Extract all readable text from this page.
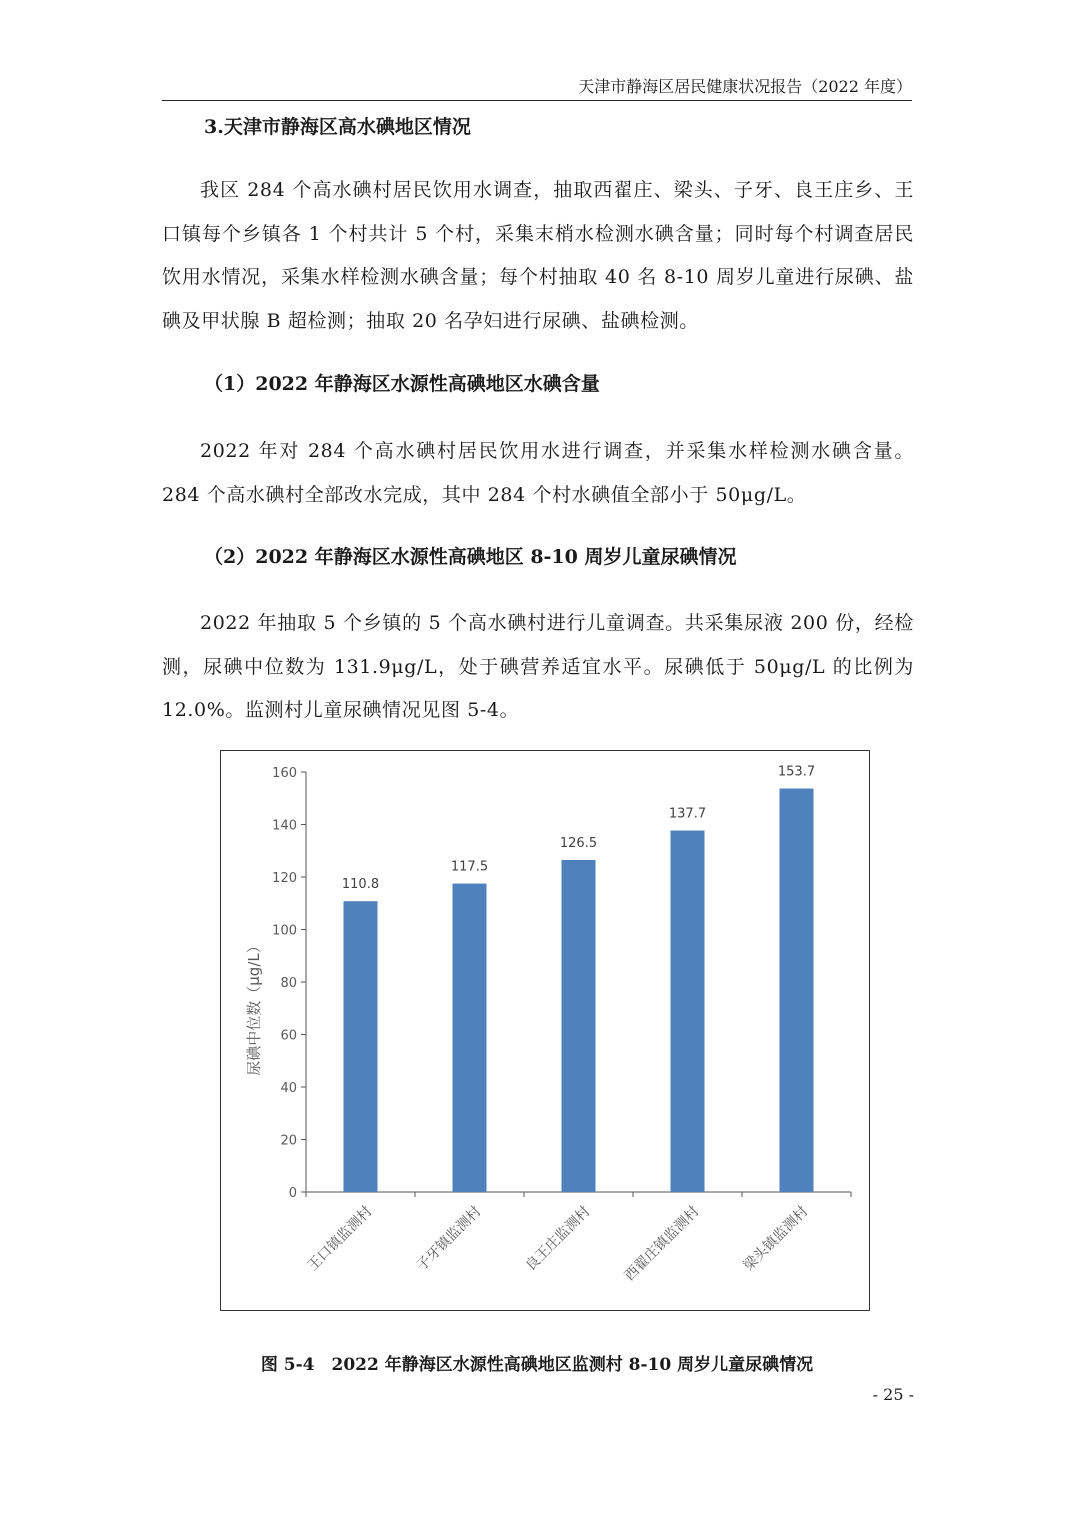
天津市静海区居民健康状况报告（2022 年度）
3.天津市静海区高水碘地区情况

我区 284 个高水碘村居民饮用水调查，抽取西翟庄、梁头、子牙、良王庄乡、王口镇每个乡镇各 1 个村共计 5 个村，采集末梢水检测水碘含量；同时每个村调查居民饮用水情况，采集水样检测水碘含量；每个村抽取 40 名 8-10 周岁儿童进行尿碘、盐碘及甲状腺 B 超检测；抽取 20 名孕妇进行尿碘、盐碘检测。

（1）2022 年静海区水源性高碘地区水碘含量

2022 年对 284 个高水碘村居民饮用水进行调查，并采集水样检测水碘含量。284 个高水碘村全部改水完成，其中 284 个村水碘值全部小于 50μg/L。

（2）2022 年静海区水源性高碘地区 8-10 周岁儿童尿碘情况

2022 年抽取 5 个乡镇的 5 个高水碘村进行儿童调查。共采集尿液 200 份，经检测，尿碘中位数为 131.9μg/L，处于碘营养适宜水平。尿碘低于 50μg/L 的比例为 12.0%。监测村儿童尿碘情况见图 5-4。

0
20
40
60
80
100
120
140
160
尿碘中位数（μg/L）
110.8
王口镇监测村
117.5
子牙镇监测村
126.5
良王庄监测村
137.7
西翟庄镇监测村
153.7
梁头镇监测村

图 5-4　2022 年静海区水源性高碘地区监测村 8-10 周岁儿童尿碘情况

- 25 -
